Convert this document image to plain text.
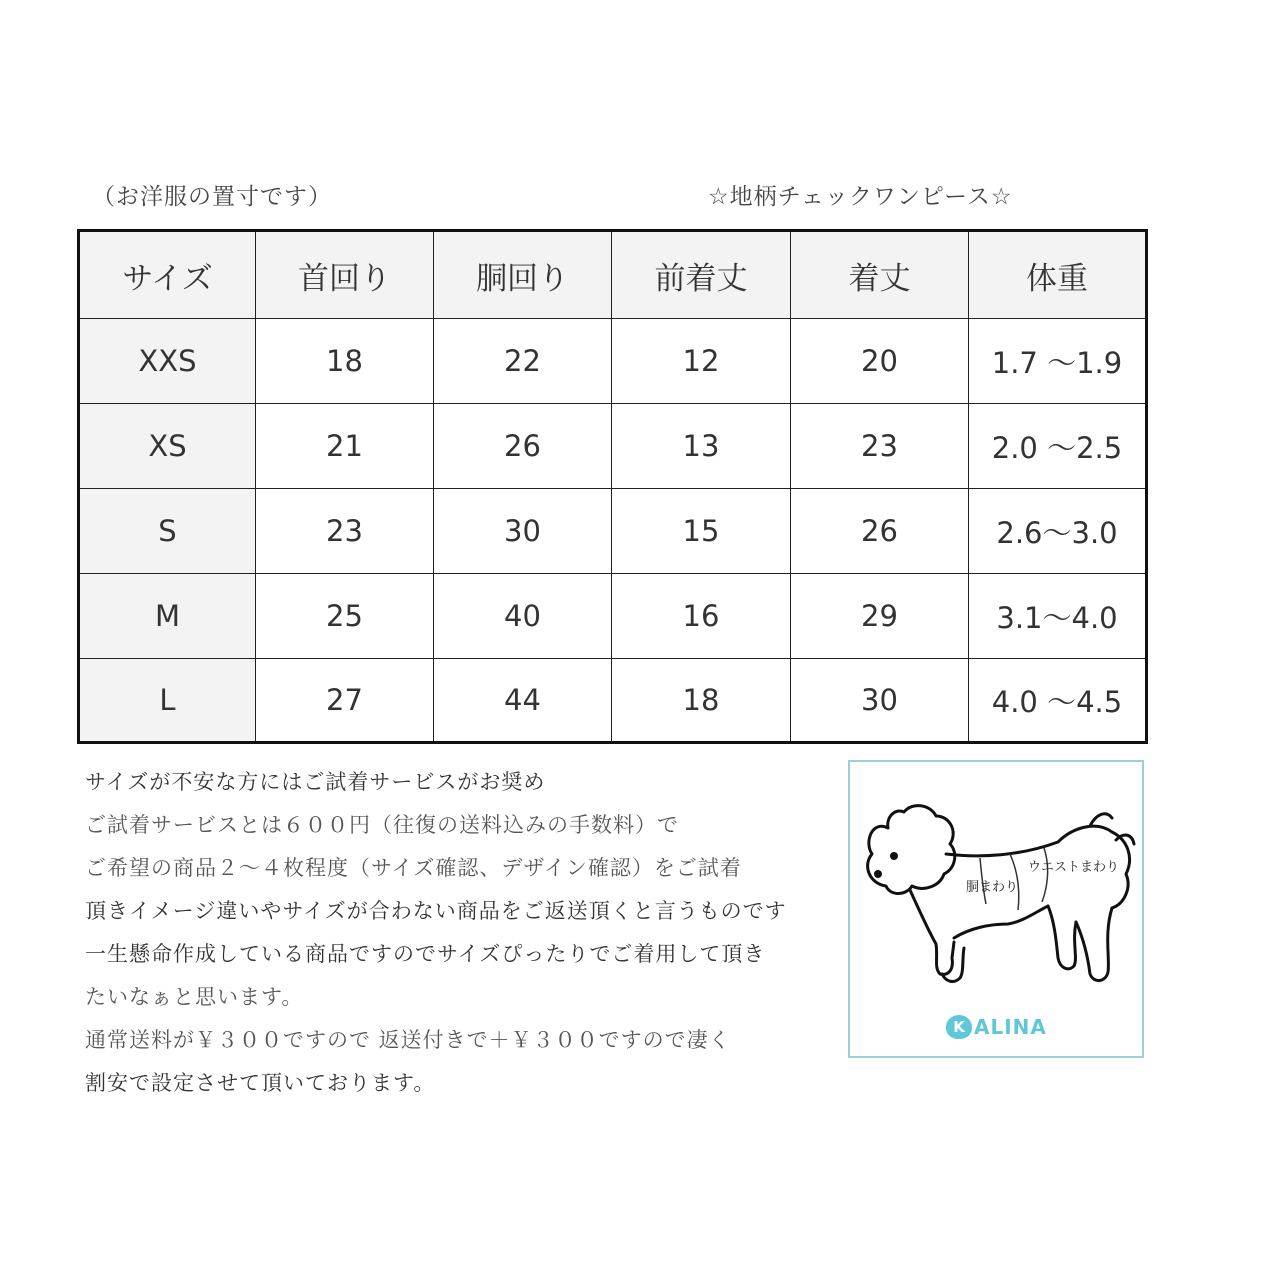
（お洋服の置寸です）	☆地柄チェックワンピース☆
サイズ	首回り	胴回り	前着丈	着丈	体重
XXS	18	22	12	20	1.7 ～1.9
XS	21	26	13	23	2.0 ～2.5
S	23	30	15	26	2.6～3.0
M	25	40	16	29	3.1～4.0
L	27	44	18	30	4.0 ～4.5
サイズが不安な方にはご試着サービスがお奨め
ご試着サービスとは６００円（往復の送料込みの手数料）で
ご希望の商品２～４枚程度（サイズ確認、デザイン確認）をご試着
頂きイメージ違いやサイズが合わない商品をご返送頂くと言うものです
一生懸命作成している商品ですのでサイズぴったりでご着用して頂き
たいなぁと思います。
通常送料が￥３００ですので 返送付きで＋￥３００ですので凄く
割安で設定させて頂いております。
ウエストまわり
胴まわり
K ALINA
